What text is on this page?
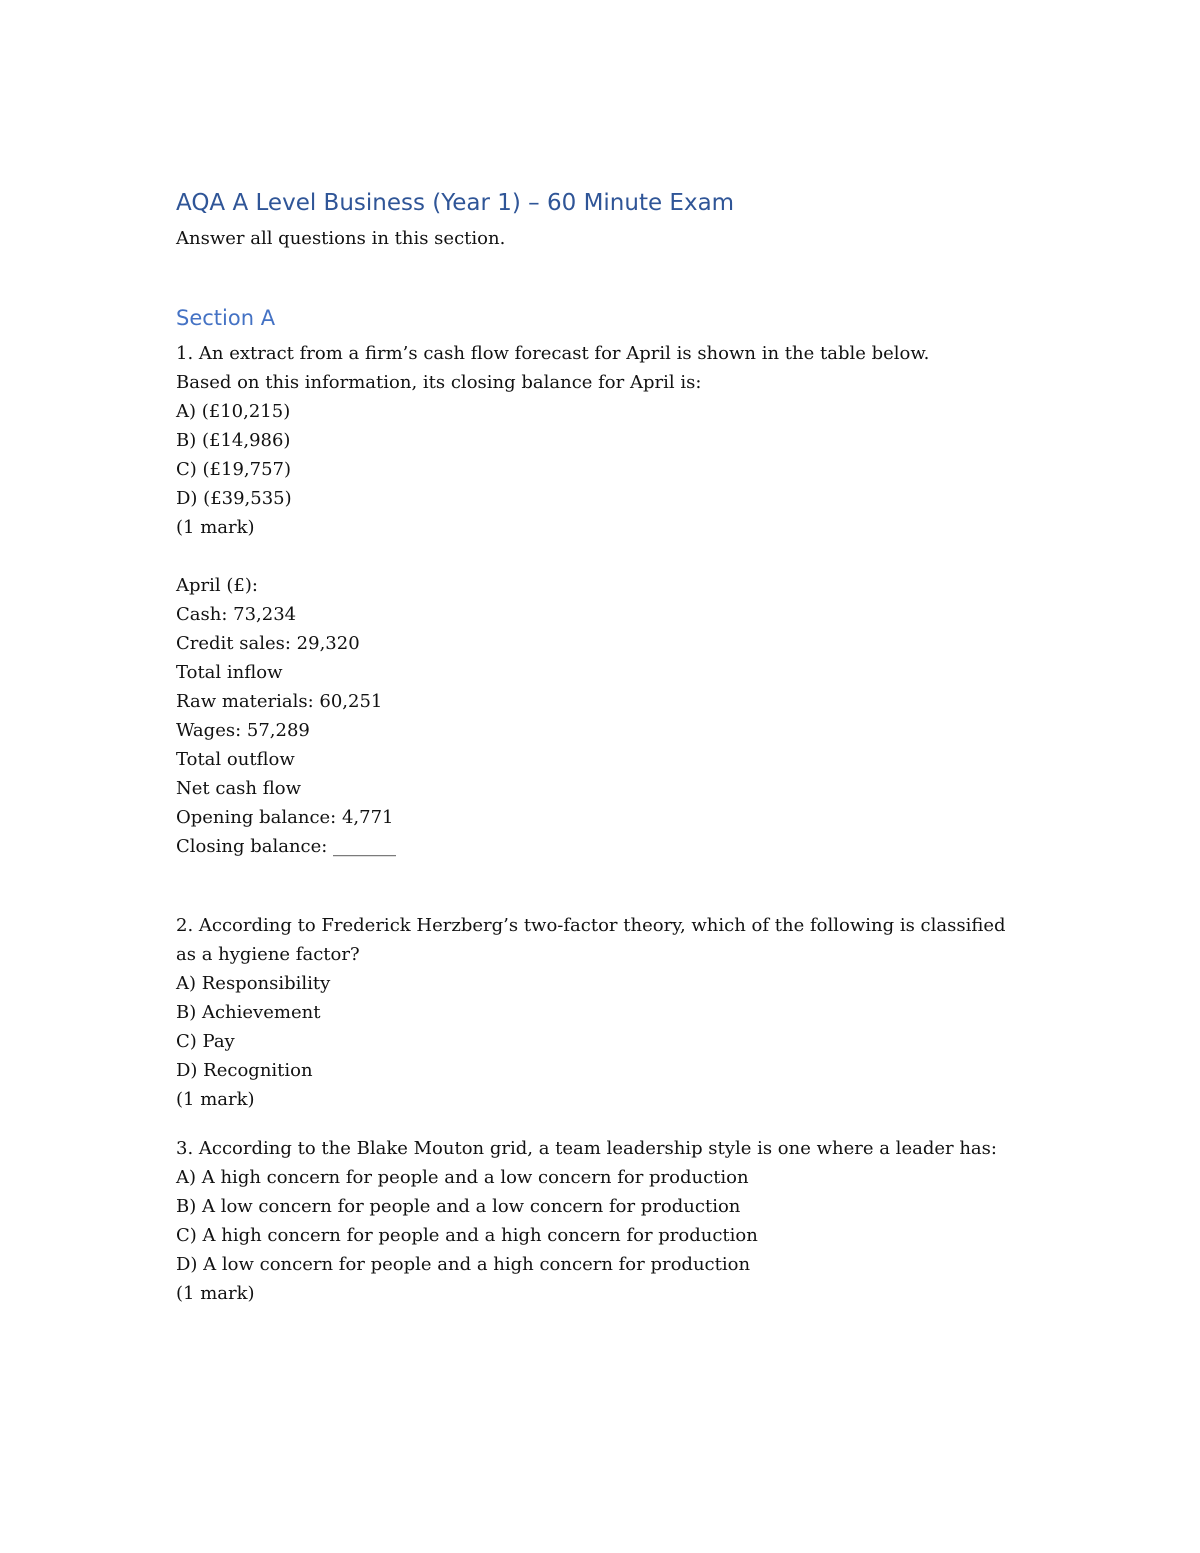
AQA A Level Business (Year 1) – 60 Minute Exam

Answer all questions in this section.

Section A
1. An extract from a firm’s cash flow forecast for April is shown in the table below.
Based on this information, its closing balance for April is:
A) (£10,215)
B) (£14,986)
C) (£19,757)
D) (£39,535)
(1 mark)
April (£):
Cash: 73,234
Credit sales: 29,320
Total inflow
Raw materials: 60,251
Wages: 57,289
Total outflow
Net cash flow
Opening balance: 4,771
Closing balance: _______
2. According to Frederick Herzberg’s two-factor theory, which of the following is classified
as a hygiene factor?
A) Responsibility
B) Achievement
C) Pay
D) Recognition
(1 mark)
3. According to the Blake Mouton grid, a team leadership style is one where a leader has:
A) A high concern for people and a low concern for production
B) A low concern for people and a low concern for production
C) A high concern for people and a high concern for production
D) A low concern for people and a high concern for production
(1 mark)
